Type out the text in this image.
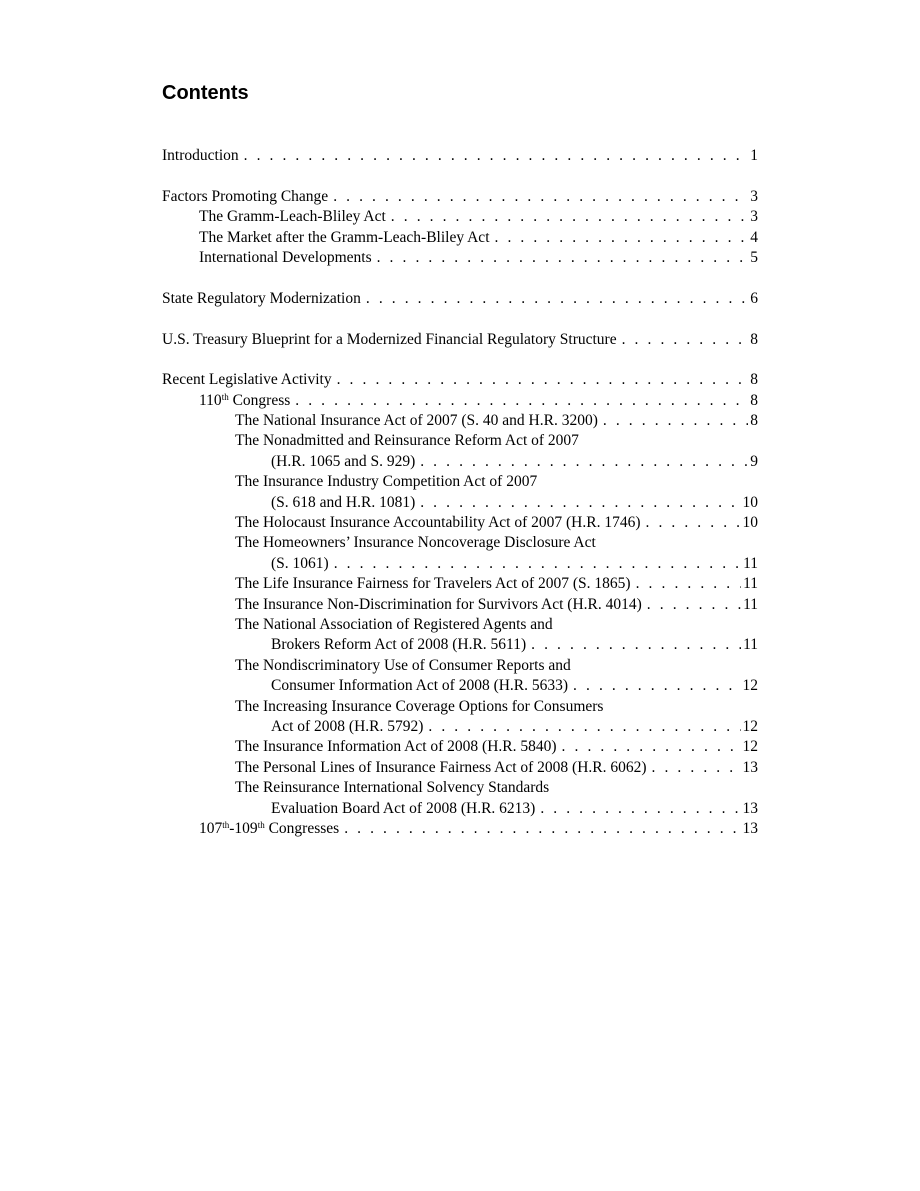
Contents
Introduction . . .	1
Factors Promoting Change . . .	3
The Gramm-Leach-Bliley Act . . .	3
The Market after the Gramm-Leach-Bliley Act . . .	4
International Developments . . .	5
State Regulatory Modernization . . .	6
U.S. Treasury Blueprint for a Modernized Financial Regulatory Structure . . .	8
Recent Legislative Activity . . .	8
110th Congress . . .	8
The National Insurance Act of 2007 (S. 40 and H.R. 3200) . . .	8
The Nonadmitted and Reinsurance Reform Act of 2007
(H.R. 1065 and S. 929) . . .	9
The Insurance Industry Competition Act of 2007
(S. 618 and H.R. 1081) . . .	10
The Holocaust Insurance Accountability Act of 2007 (H.R. 1746) . . .	10
The Homeowners’ Insurance Noncoverage Disclosure Act
(S. 1061) . . .	11
The Life Insurance Fairness for Travelers Act of 2007 (S. 1865) . . .	11
The Insurance Non-Discrimination for Survivors Act (H.R. 4014) . . .	11
The National Association of Registered Agents and
Brokers Reform Act of 2008 (H.R. 5611) . . .	11
The Nondiscriminatory Use of Consumer Reports and
Consumer Information Act of 2008 (H.R. 5633) . . .	12
The Increasing Insurance Coverage Options for Consumers
Act of 2008 (H.R. 5792) . . .	12
The Insurance Information Act of 2008 (H.R. 5840) . . .	12
The Personal Lines of Insurance Fairness Act of 2008 (H.R. 6062) . . .	13
The Reinsurance International Solvency Standards
Evaluation Board Act of 2008 (H.R. 6213) . . .	13
107th-109th Congresses . . .	13
